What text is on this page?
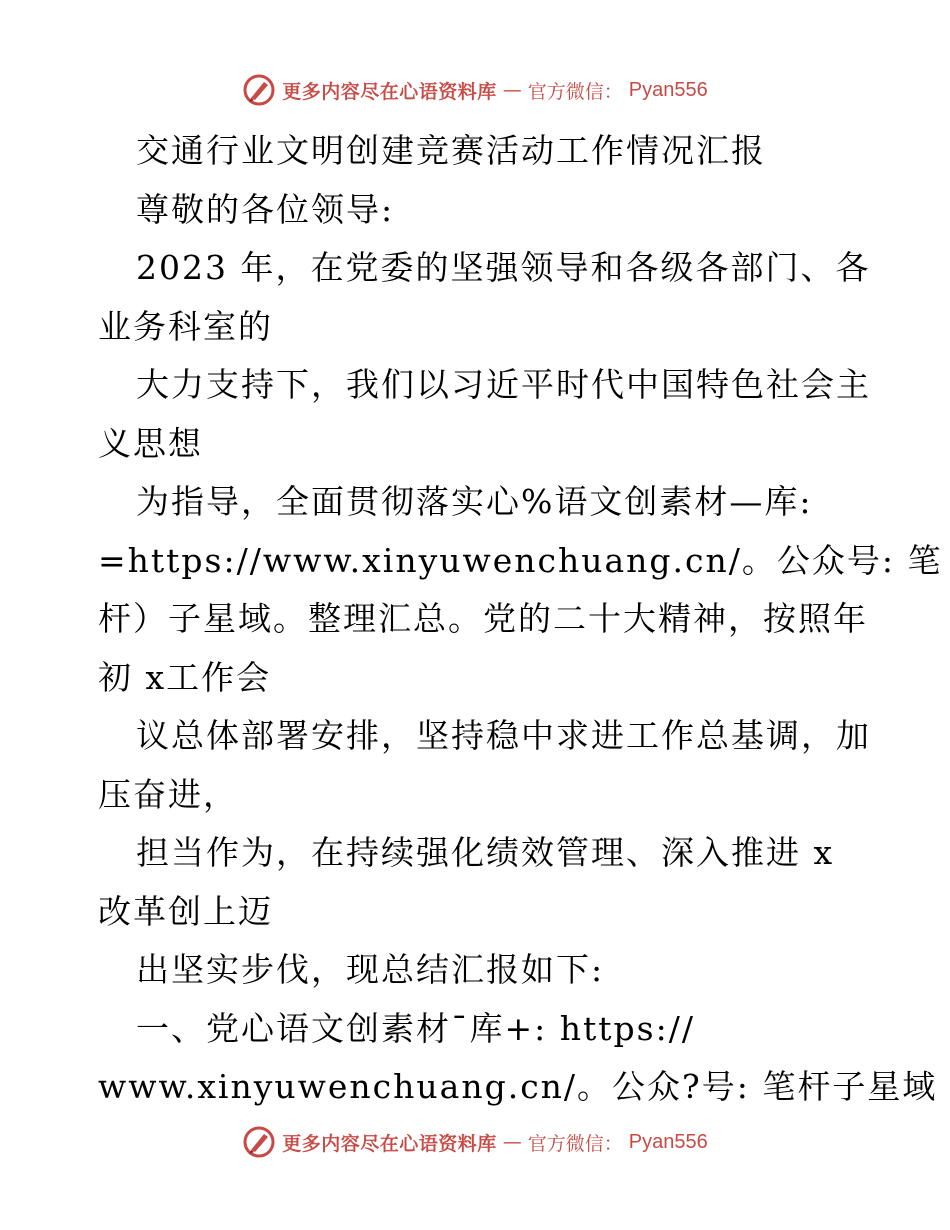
更多内容尽在心语资料库 — 官方微信： Pyan556
交通行业文明创建竞赛活动工作情况汇报
尊敬的各位领导:
2023 年，在党委的坚强领导和各级各部门、各
业务科室的
大力支持下，我们以习近平时代中国特色社会主
义思想
为指导，全面贯彻落实心%语文创素材—库:
=https://www.xinyuwenchuang.cn/。公众号: 笔
杆）子星域。整理汇总。党的二十大精神，按照年
初 x工作会
议总体部署安排，坚持稳中求进工作总基调，加
压奋进，
担当作为，在持续强化绩效管理、深入推进 x
改革创上迈
出坚实步伐，现总结汇报如下:
一、党心语文创素材¯库+: https://
www.xinyuwenchuang.cn/。公众?号: 笔杆子星域
更多内容尽在心语资料库 — 官方微信： Pyan556
